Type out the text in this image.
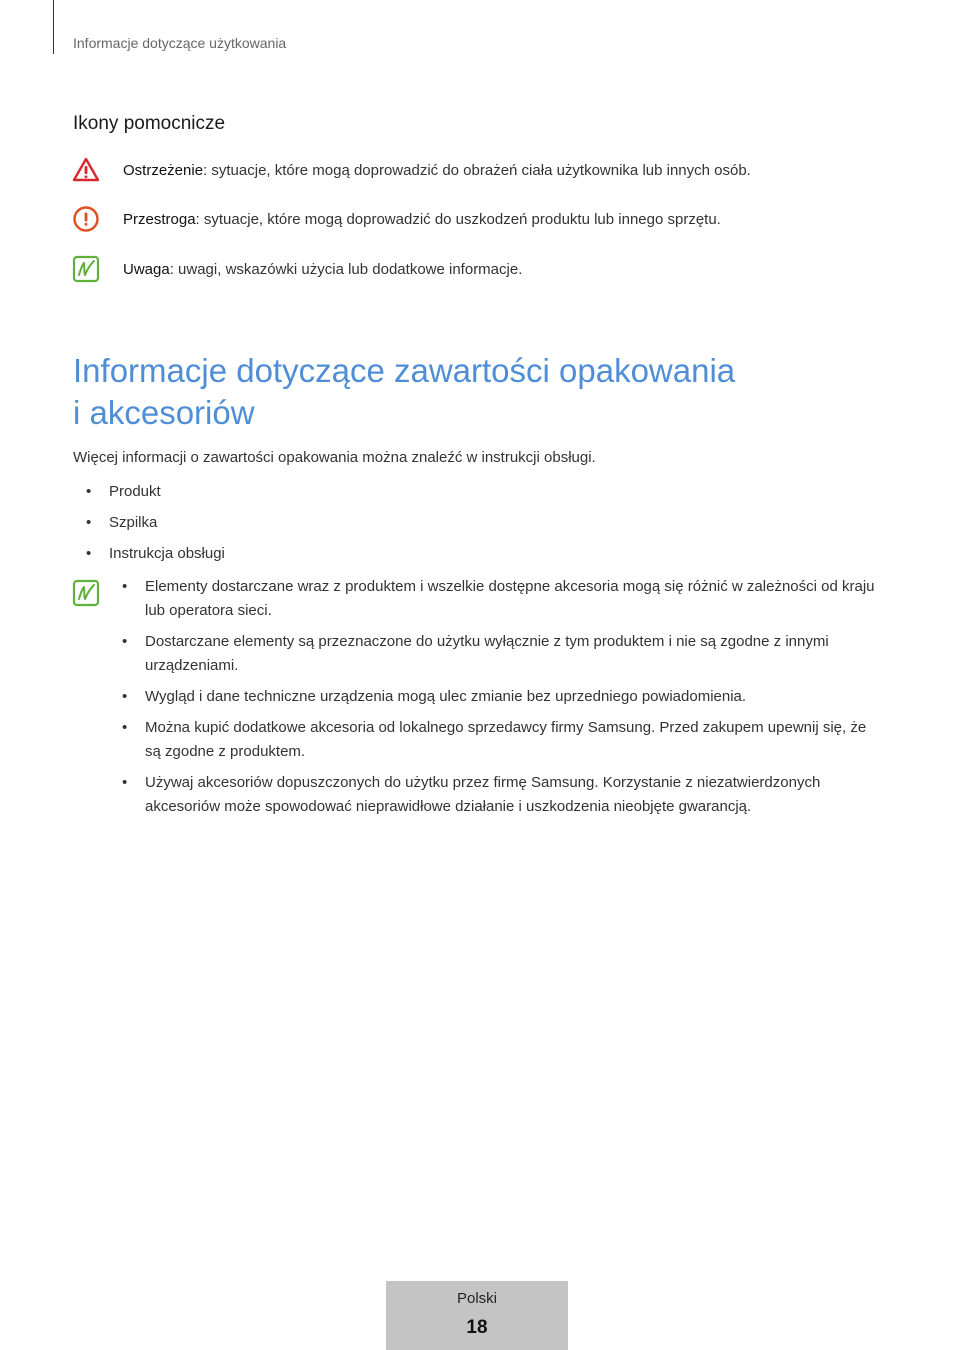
Informacje dotyczące użytkowania
Ikony pomocnicze
Ostrzeżenie: sytuacje, które mogą doprowadzić do obrażeń ciała użytkownika lub innych osób.
Przestroga: sytuacje, które mogą doprowadzić do uszkodzeń produktu lub innego sprzętu.
Uwaga: uwagi, wskazówki użycia lub dodatkowe informacje.
Informacje dotyczące zawartości opakowania
i akcesoriów
Więcej informacji o zawartości opakowania można znaleźć w instrukcji obsługi.
• Produkt
• Szpilka
• Instrukcja obsługi
• Elementy dostarczane wraz z produktem i wszelkie dostępne akcesoria mogą się różnić w zależności od kraju lub operatora sieci.
• Dostarczane elementy są przeznaczone do użytku wyłącznie z tym produktem i nie są zgodne z innymi urządzeniami.
• Wygląd i dane techniczne urządzenia mogą ulec zmianie bez uprzedniego powiadomienia.
• Można kupić dodatkowe akcesoria od lokalnego sprzedawcy firmy Samsung. Przed zakupem upewnij się, że są zgodne z produktem.
• Używaj akcesoriów dopuszczonych do użytku przez firmę Samsung. Korzystanie z niezatwierdzonych akcesoriów może spowodować nieprawidłowe działanie i uszkodzenia nieobjęte gwarancją.
Polski
18
